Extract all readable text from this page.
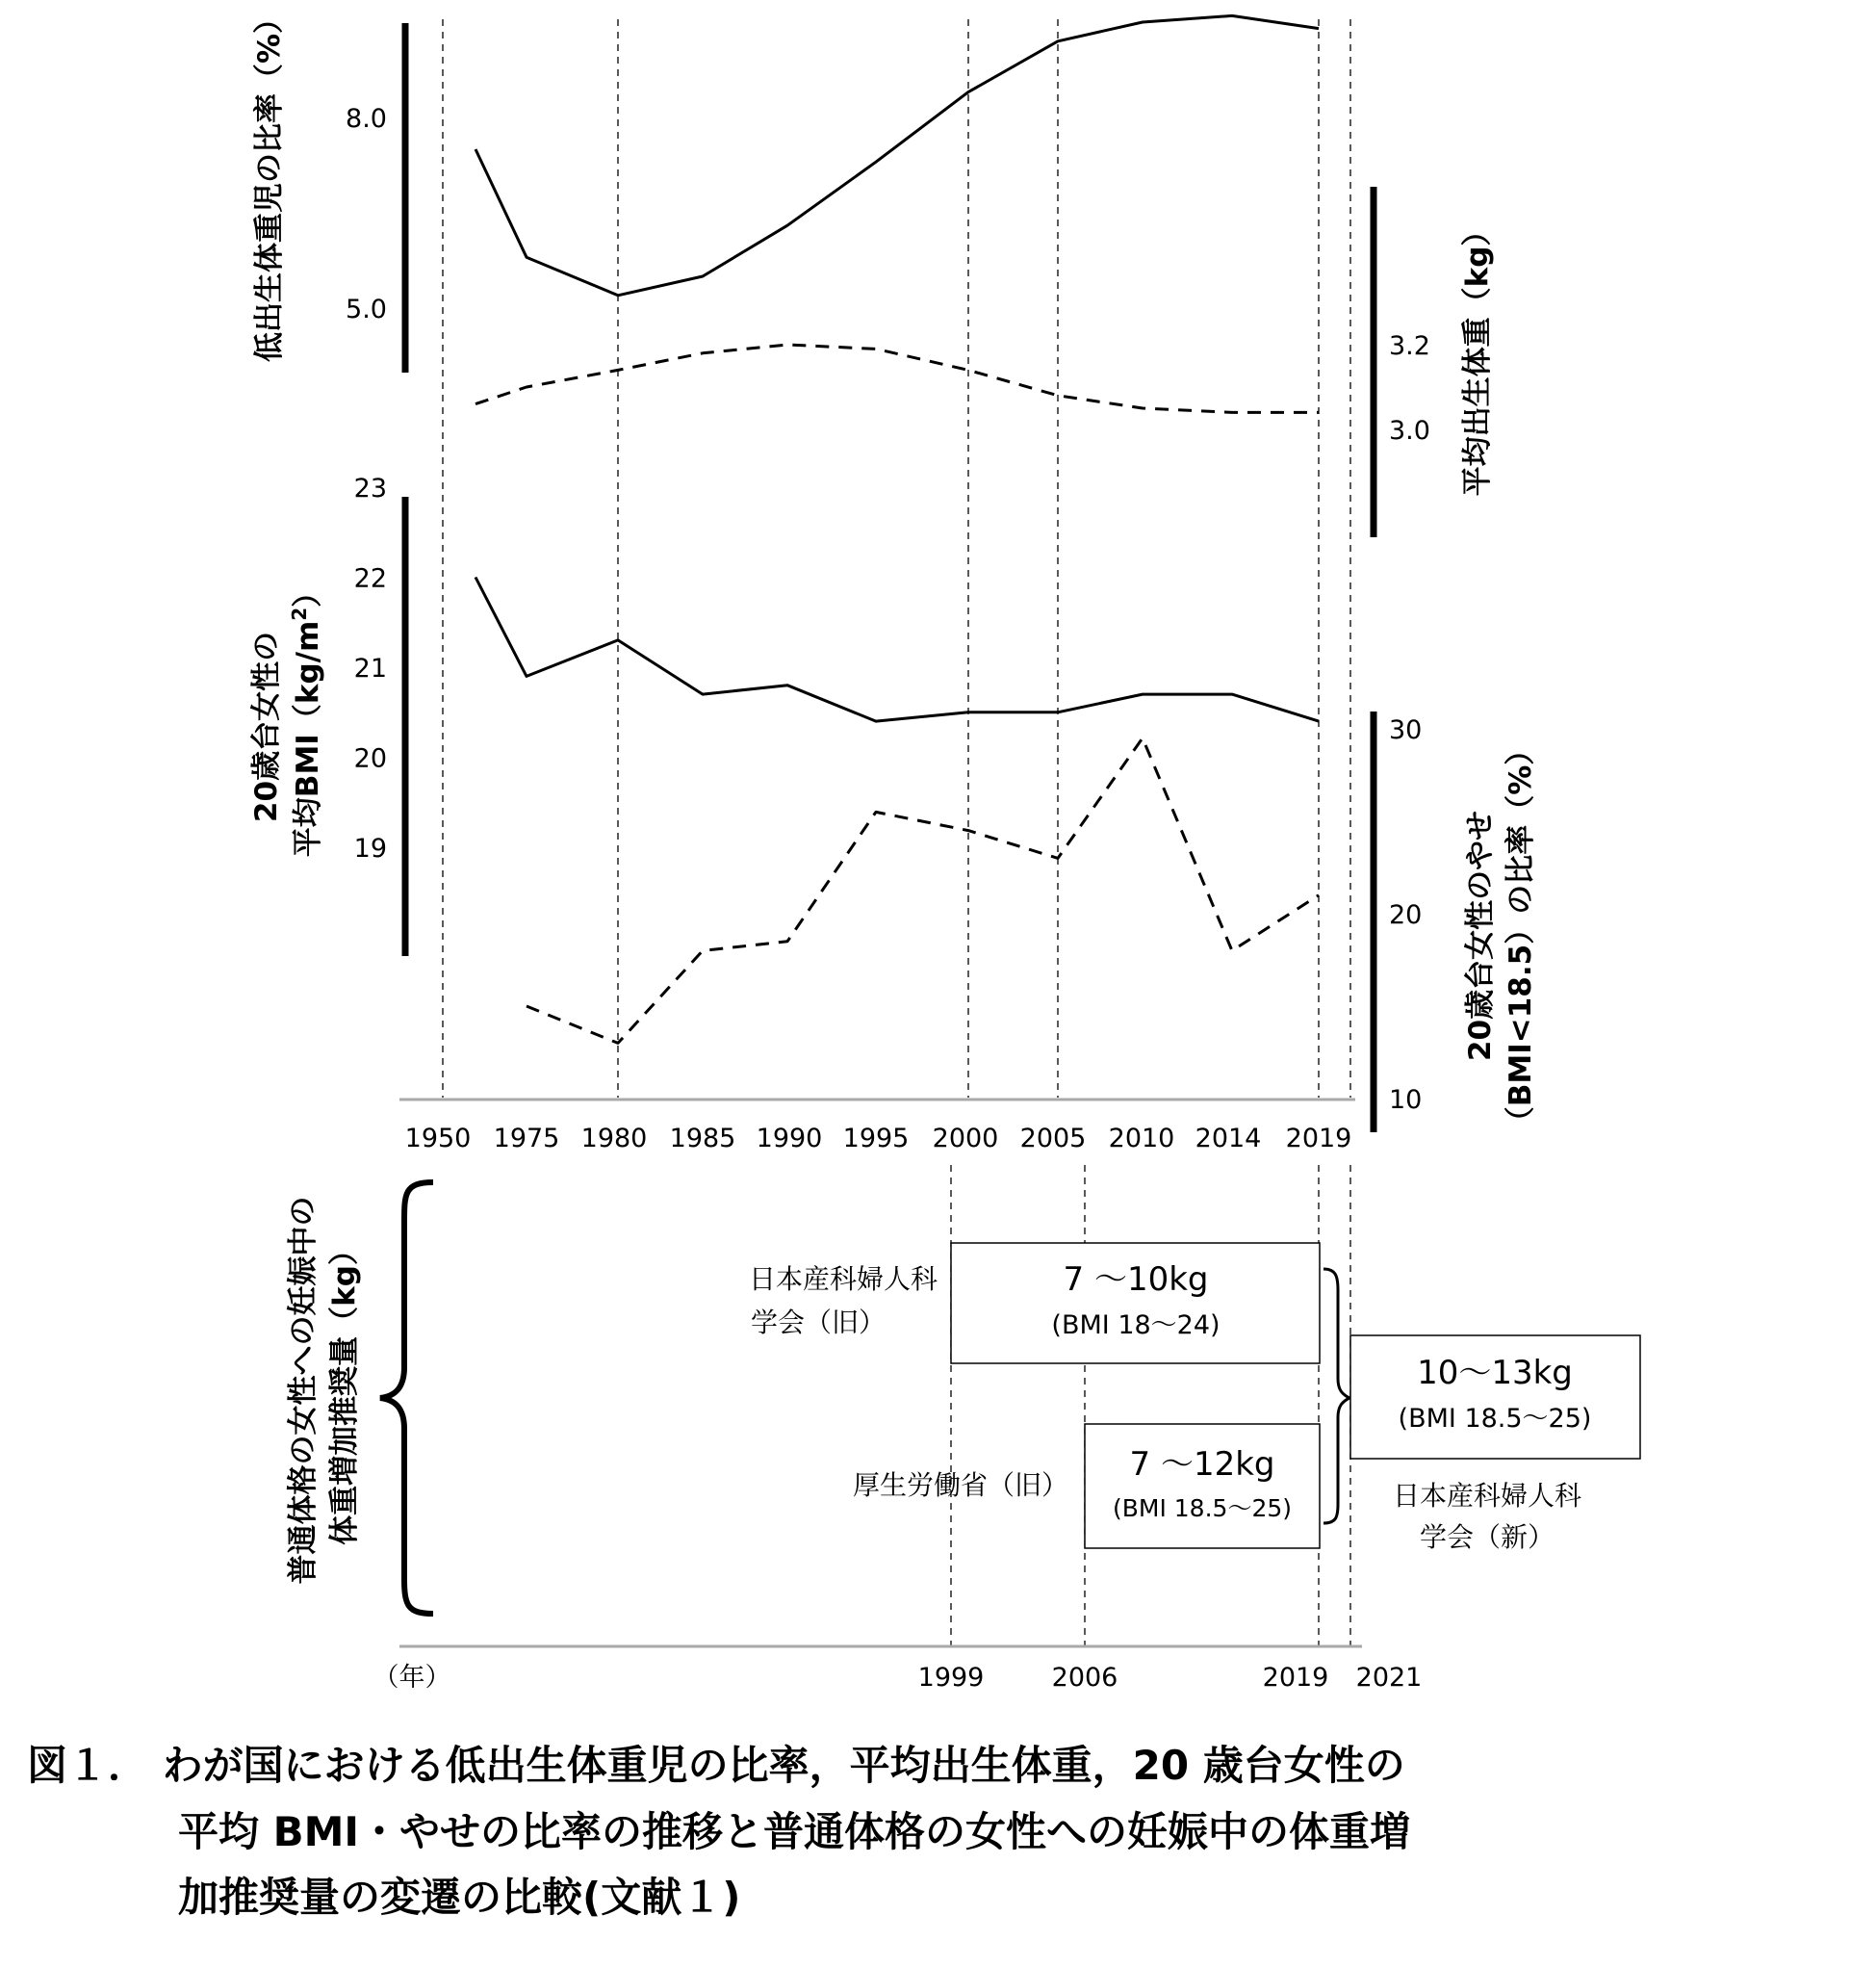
8.0
5.0
3.2
3.0
23
22
21
20
19
30
20
10
1950 1975 1980 1985 1990 1995 2000 2005 2010 2014 2019
1999	2006	2019 2021
（年）
低出生体重児の比率（%）	平均出生体重（kg）
20歳台女性の 平均$BMI(kg/m^2)$
20歳台女性のやせ （BMI<18.5）の比率（%）
普通体格の女性への妊娠中の 体重増加推奨量（kg）	7 〜10kg
(BMI 18〜24)
日本産科婦人科
学会（旧）
7 〜12kg
(BMI 18.5〜25)
厚生労働省（旧）
10〜13kg
(BMI 18.5〜25)
日本産科婦人科
学会（新）
図１． わが国における低出生体重児の比率，平均出生体重，20 歳台女性の
平均 BMI・やせの比率の推移と普通体格の女性への妊娠中の体重増
加推奨量の変遷の比較(文献１)
